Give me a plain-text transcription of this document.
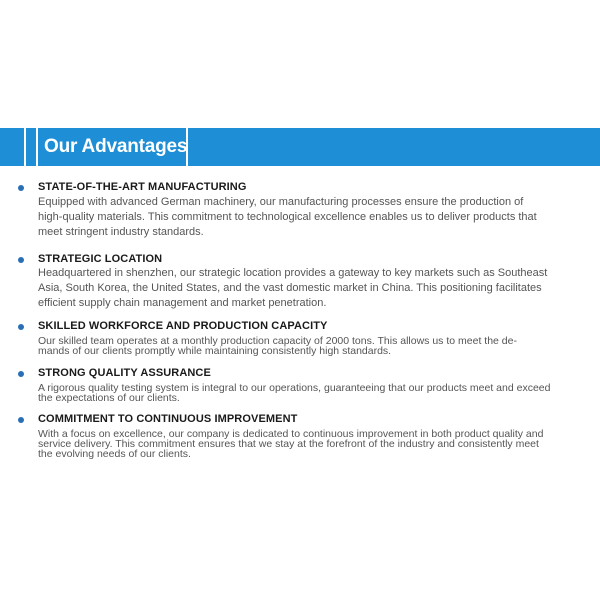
Our Advantages
STATE-OF-THE-ART MANUFACTURING
Equipped with advanced German machinery, our manufacturing processes ensure the production of
high-quality materials. This commitment to technological excellence enables us to deliver products that
meet stringent industry standards.
STRATEGIC LOCATION
Headquartered in shenzhen, our strategic location provides a gateway to key markets such as Southeast
Asia, South Korea, the United States, and the vast domestic market in China. This positioning facilitates
efficient supply chain management and market penetration.
SKILLED WORKFORCE AND PRODUCTION CAPACITY
Our skilled team operates at a monthly production capacity of 2000 tons. This allows us to meet the de-
mands of our clients promptly while maintaining consistently high standards.
STRONG QUALITY ASSURANCE
A rigorous quality testing system is integral to our operations, guaranteeing that our products meet and exceed
the expectations of our clients.
COMMITMENT TO CONTINUOUS IMPROVEMENT
With a focus on excellence, our company is dedicated to continuous improvement in both product quality and
service delivery. This commitment ensures that we stay at the forefront of the industry and consistently meet
the evolving needs of our clients.
